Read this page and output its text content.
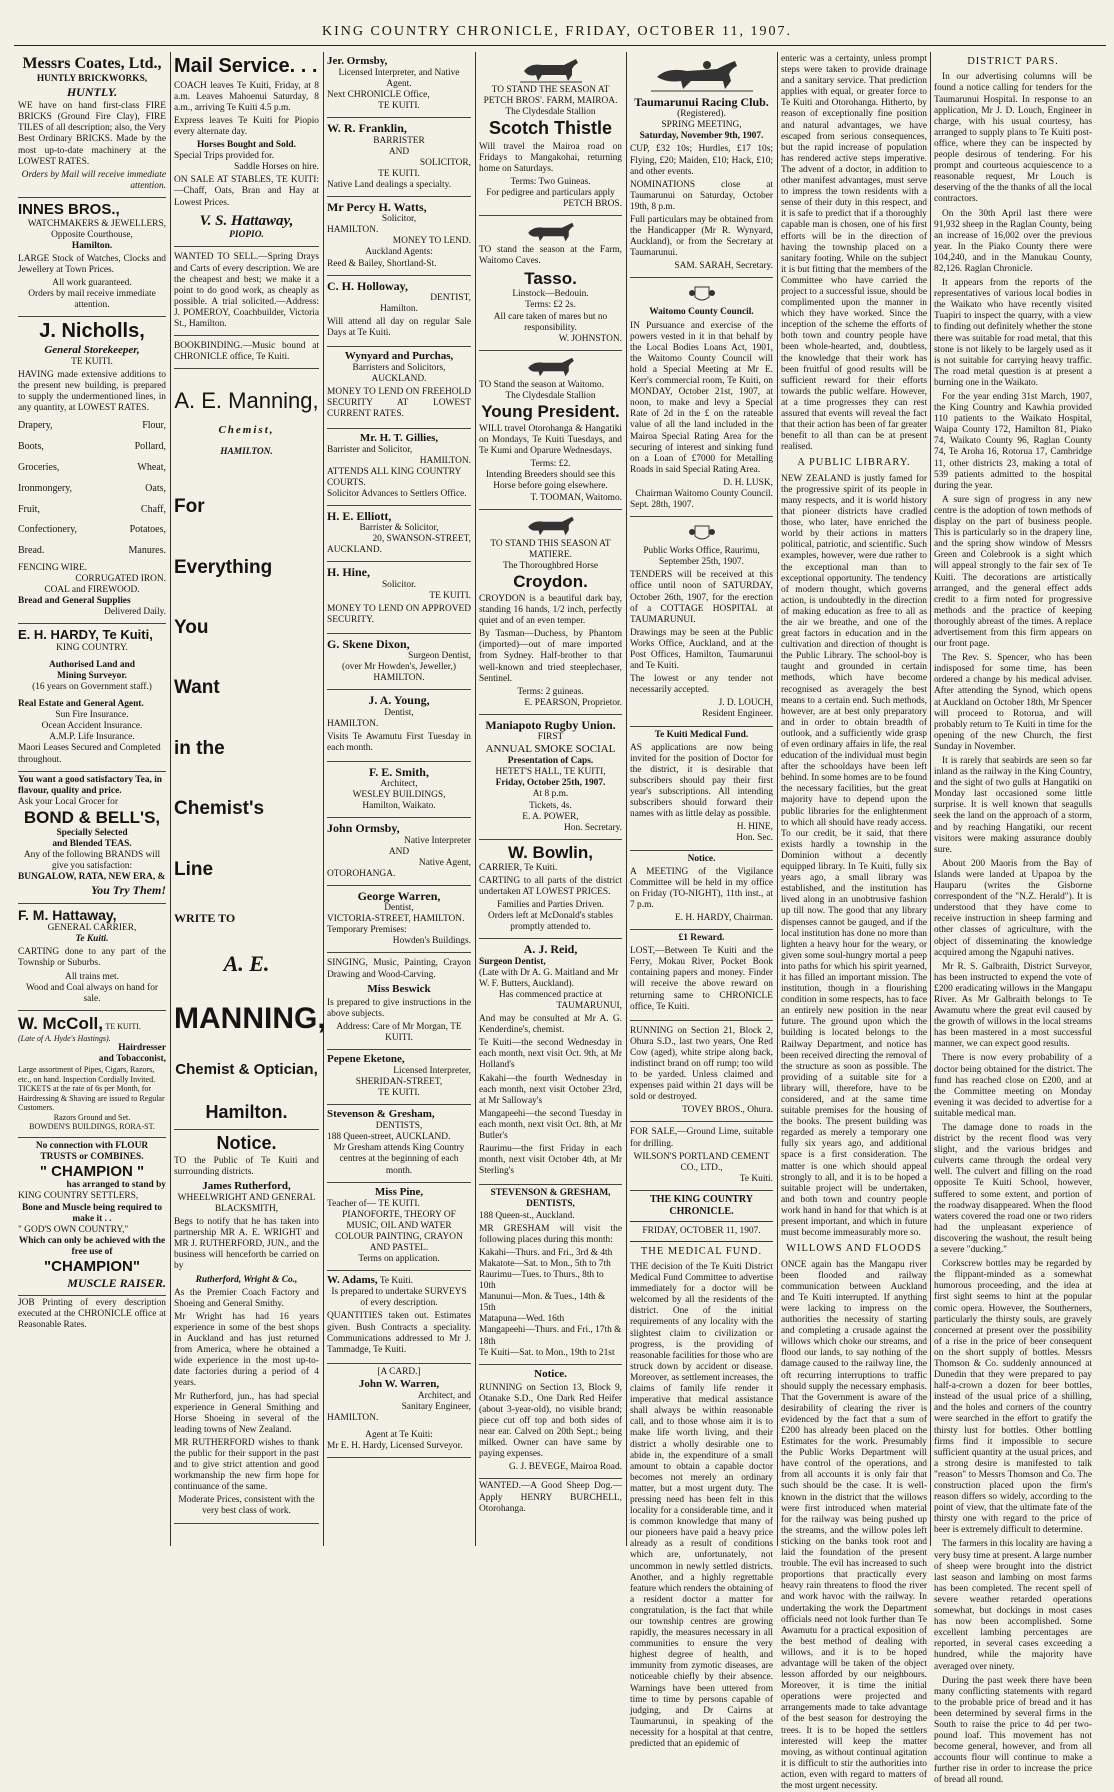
KING COUNTRY CHRONICLE, FRIDAY, OCTOBER 11, 1907.
Messrs Coates, Ltd.,
HUNTLY BRICKWORKS,
HUNTLY.
WE have on hand first-class FIRE BRICKS (Ground Fire Clay), FIRE TILES of all description; also, the Very Best Ordinary BRICKS. Made by the most up-to-date machinery at the LOWEST RATES.
Orders by Mail will receive immediate attention.
INNES BROS.,
WATCHMAKERS & JEWELLERS,
Opposite Courthouse,
Hamilton.
LARGE Stock of Watches, Clocks and Jewellery at Town Prices.
All work guaranteed.
Orders by mail receive immediate attention.
J. Nicholls,
General Storekeeper,
TE KUITI.
HAVING made extensive additions to the present new building, is prepared to supply the undermentioned lines, in any quantity, at LOWEST RATES.
Drapery,	Flour,
Boots,	Pollard,
Groceries,	Wheat,
Ironmongery,	Oats,
Fruit,	Chaff,
Confectionery,	Potatoes,
Bread.	Manures.
FENCING WIRE.
CORRUGATED IRON.
COAL and FIREWOOD.
Bread and General Supplies
Delivered Daily.
E. H. HARDY, Te Kuiti,
KING COUNTRY.
Authorised Land and
Mining Surveyor.
(16 years on Government staff.)
Real Estate and General Agent.
Sun Fire Insurance.
Ocean Accident Insurance.
A.M.P. Life Insurance.
Maori Leases Secured and Completed throughout.
You want a good satisfactory Tea, in flavour, quality and price.
Ask your Local Grocer for
BOND & BELL'S,
Specially Selected
and Blended TEAS.
Any of the following BRANDS will give you satisfaction:
BUNGALOW, RATA, NEW ERA, &
You Try Them!
F. M. Hattaway,
GENERAL CARRIER,
Te Kuiti.
CARTING done to any part of the Township or Suburbs.
All trains met.
Wood and Coal always on hand for sale.
W. McColl, TE KUITI.
(Late of A. Hyde's Hastings).
Hairdresser
and Tobacconist,
Large assortment of Pipes, Cigars, Razors, etc., on hand. Inspection Cordially Invited.
TICKETS at the rate of 6s per Month, for Hairdressing & Shaving are issued to Regular Customers.
Razors Ground and Set.
BOWDEN'S BUILDINGS, RORA-ST.
No connection with FLOUR TRUSTS or COMBINES.
" CHAMPION "
has arranged to stand by
KING COUNTRY SETTLERS,
Bone and Muscle being required to make it . .
" GOD'S OWN COUNTRY,"
Which can only be achieved with the free use of
"CHAMPION"
MUSCLE RAISER.
JOB Printing of every description executed at the CHRONICLE office at Reasonable Rates.
Mail Service. . .
COACH leaves Te Kuiti, Friday, at 8 a.m. Leaves Mahoenui Saturday, 8 a.m., arriving Te Kuiti 4.5 p.m.
Express leaves Te Kuiti for Piopio every alternate day.
Horses Bought and Sold.
Special Trips provided for.
Saddle Horses on hire.
ON SALE AT STABLES, TE KUITI:—Chaff, Oats, Bran and Hay at Lowest Prices.
V. S. Hattaway,
PIOPIO.
WANTED TO SELL.—Spring Drays and Carts of every description. We are the cheapest and best; we make it a point to do good work, as cheaply as possible. A trial solicited.—Address: J. POMEROY, Coachbuilder, Victoria St., Hamilton.
BOOKBINDING.—Music bound at CHRONICLE office, Te Kuiti.
A. E. Manning,
Chemist,
HAMILTON.
For
Everything
You
Want
in the
Chemist's
Line
WRITE TO
A. E.
MANNING,
Chemist & Optician,
Hamilton.
Notice.
TO the Public of Te Kuiti and surrounding districts.
James Rutherford,
WHEELWRIGHT AND GENERAL BLACKSMITH,
Begs to notify that he has taken into partnership MR A. E. WRIGHT and MR J. RUTHERFORD, JUN., and the business will henceforth be carried on by
Rutherford, Wright & Co.,
As the Premier Coach Factory and Shoeing and General Smithy.
Mr Wright has had 16 years experience in some of the best shops in Auckland and has just returned from America, where he obtained a wide experience in the most up-to-date factories during a period of 4 years.
Mr Rutherford, jun., has had special experience in General Smithing and Horse Shoeing in several of the leading towns of New Zealand.
MR RUTHERFORD wishes to thank the public for their support in the past and to give strict attention and good workmanship the new firm hope for continuance of the same.
Moderate Prices, consistent with the very best class of work.
Jer. Ormsby,
Licensed Interpreter, and Native Agent.
Next CHRONICLE Office,
TE KUITI.
W. R. Franklin,
BARRISTER
AND
SOLICITOR,
TE KUITI.
Native Land dealings a specialty.
Mr Percy H. Watts,
Solicitor,
HAMILTON.
MONEY TO LEND.
Auckland Agents:
Reed & Bailey, Shortland-St.
C. H. Holloway,
DENTIST,
Hamilton.
Will attend all day on regular Sale Days at Te Kuiti.
Wynyard and Purchas,
Barristers and Solicitors,
AUCKLAND.
MONEY TO LEND ON FREEHOLD SECURITY AT LOWEST CURRENT RATES.
Mr. H. T. Gillies,
Barrister and Solicitor,
HAMILTON.
ATTENDS ALL KING COUNTRY COURTS.
Solicitor Advances to Settlers Office.
H. E. Elliott,
Barrister & Solicitor,
20, SWANSON-STREET,
AUCKLAND.
H. Hine,
Solicitor.
TE KUITI.
MONEY TO LEND ON APPROVED SECURITY.
G. Skene Dixon,
Surgeon Dentist,
(over Mr Howden's, Jeweller,)
HAMILTON.
J. A. Young,
Dentist,
HAMILTON.
Visits Te Awamutu First Tuesday in each month.
F. E. Smith,
Architect,
WESLEY BUILDINGS,
Hamilton, Waikato.
John Ormsby,
Native Interpreter
AND
Native Agent,
OTOROHANGA.
George Warren,
Dentist,
VICTORIA-STREET, HAMILTON.
Temporary Premises:
Howden's Buildings.
SINGING, Music, Painting, Crayon Drawing and Wood-Carving.
Miss Beswick
Is prepared to give instructions in the above subjects.
Address: Care of Mr Morgan, TE KUITI.
Pepene Eketone,
Licensed Interpreter,
SHERIDAN-STREET,
TE KUITI.
Stevenson & Gresham,
DENTISTS,
188 Queen-street, AUCKLAND.
Mr Gresham attends King Country centres at the beginning of each month.
Miss Pine,
Teacher of— TE KUITI.
PIANOFORTE, THEORY OF MUSIC, OIL AND WATER COLOUR PAINTING, CRAYON AND PASTEL.
Terms on application.
W. Adams, Te Kuiti.
Is prepared to undertake SURVEYS of every description.
QUANTITIES taken out. Estimates given. Bush Contracts a speciality. Communications addressed to Mr J. Tammadge, Te Kuiti.
[A CARD.]
John W. Warren,
Architect, and
Sanitary Engineer,
HAMILTON.
Agent at Te Kuiti:
Mr E. H. Hardy, Licensed Surveyor.
TO STAND THE SEASON AT PETCH BROS'. FARM, MAIROA.
The Clydesdale Stallion
Scotch Thistle
Will travel the Mairoa road on Fridays to Mangakohai, returning home on Saturdays.
Terms: Two Guineas.
For pedigree and particulars apply
PETCH BROS.
TO stand the season at the Farm, Waitomo Caves.
Tasso.
Linstock—Bedouin.
Terms: £2 2s.
All care taken of mares but no responsibility.
W. JOHNSTON.
TO Stand the season at Waitomo.
The Clydesdale Stallion
Young President.
WILL travel Otorohanga & Hangatiki on Mondays, Te Kuiti Tuesdays, and Te Kumi and Oparure Wednesdays.
Terms: £2.
Intending Breeders should see this Horse before going elsewhere.
T. TOOMAN, Waitomo.
TO STAND THIS SEASON AT MATIERE.
The Thoroughbred Horse
Croydon.
CROYDON is a beautiful dark bay, standing 16 hands, 1/2 inch, perfectly quiet and of an even temper.
By Tasman—Duchess, by Phantom (imported)—out of mare imported from Sydney. Half-brother to that well-known and tried steeplechaser, Sentinel.
Terms: 2 guineas.
E. PEARSON, Proprietor.
Maniapoto Rugby Union.
FIRST
ANNUAL SMOKE SOCIAL
Presentation of Caps.
HETET'S HALL, TE KUITI,
Friday, October 25th, 1907.
At 8 p.m.
Tickets, 4s.
E. A. POWER,
Hon. Secretary.
W. Bowlin,
CARRIER, Te Kuiti.
CARTING to all parts of the district undertaken AT LOWEST PRICES.
Families and Parties Driven.
Orders left at McDonald's stables promptly attended to.
A. J. Reid,
Surgeon Dentist,
(Late with Dr A. G. Maitland and Mr W. F. Butters, Auckland).
Has commenced practice at
TAUMARUNUI,
And may be consulted at Mr A. G. Kenderdine's, chemist.
Te Kuiti—the second Wednesday in each month, next visit Oct. 9th, at Mr Holland's
Kakahi—the fourth Wednesday in each month, next visit October 23rd, at Mr Salloway's
Mangapeehi—the second Tuesday in each month, next visit Oct. 8th, at Mr Butler's
Raurimu—the first Friday in each month, next visit October 4th, at Mr Sterling's
STEVENSON & GRESHAM, DENTISTS,
188 Queen-st., Auckland.
MR GRESHAM will visit the following places during this month:
Kakahi—Thurs. and Fri., 3rd & 4th
Makatote—Sat. to Mon., 5th to 7th
Raurimu—Tues. to Thurs., 8th to 10th
Manunui—Mon. & Tues., 14th & 15th
Matapuna—Wed. 16th
Mangapeehi—Thurs. and Fri., 17th & 18th
Te Kuiti—Sat. to Mon., 19th to 21st
Notice.
RUNNING on Section 13, Block 9, Otanake S.D., One Dark Red Heifer (about 3-year-old), no visible brand; piece cut off top and both sides of near ear. Calved on 20th Sept.; being milked. Owner can have same by paying expenses.
G. J. BEVEGE, Mairoa Road.
WANTED.—A Good Sheep Dog.—Apply HENRY BURCHELL, Otorohanga.
Taumarunui Racing Club.
(Registered).
SPRING MEETING,
Saturday, November 9th, 1907.
CUP, £32 10s; Hurdles, £17 10s; Flying, £20; Maiden, £10; Hack, £10; and other events.
NOMINATIONS close at Taumarunui on Saturday, October 19th, 8 p.m.
Full particulars may be obtained from the Handicapper (Mr R. Wynyard, Auckland), or from the Secretary at Taumarunui.
SAM. SARAH, Secretary.
Waitomo County Council.
IN Pursuance and exercise of the powers vested in it in that behalf by the Local Bodies Loans Act, 1901, the Waitomo County Council will hold a Special Meeting at Mr E. Kerr's commercial room, Te Kuiti, on MONDAY, October 21st, 1907, at noon, to make and levy a Special Rate of 2d in the £ on the rateable value of all the land included in the Mairoa Special Rating Area for the securing of interest and sinking fund on a Loan of £7000 for Metalling Roads in said Special Rating Area.
D. H. LUSK,
Chairman Waitomo County Council.
Sept. 28th, 1907.
Public Works Office, Raurimu, September 25th, 1907.
TENDERS will be received at this office until noon of SATURDAY, October 26th, 1907, for the erection of a COTTAGE HOSPITAL at TAUMARUNUI.
Drawings may be seen at the Public Works Office, Auckland, and at the Post Offices, Hamilton, Taumarunui and Te Kuiti.
The lowest or any tender not necessarily accepted.
J. D. LOUCH,
Resident Engineer.
Te Kuiti Medical Fund.
AS applications are now being invited for the position of Doctor for the district, it is desirable that subscribers should pay their first year's subscriptions. All intending subscribers should forward their names with as little delay as possible.
H. HINE,
Hon. Sec.
Notice.
A MEETING of the Vigilance Committee will be held in my office on Friday (TO-NIGHT), 11th inst., at 7 p.m.
E. H. HARDY, Chairman.
£1 Reward.
LOST,—Between Te Kuiti and the Ferry, Mokau River, Pocket Book containing papers and money. Finder will receive the above reward on returning same to CHRONICLE office, Te Kuiti.
RUNNING on Section 21, Block 2, Ohura S.D., last two years, One Red Cow (aged), white stripe along back, indistinct brand on off rump; too wild to be yarded. Unless claimed and expenses paid within 21 days will be sold or destroyed.
TOVEY BROS., Ohura.
FOR SALE,—Ground Lime, suitable for drilling.
WILSON'S PORTLAND CEMENT CO., LTD.,
Te Kuiti.
THE KING COUNTRY CHRONICLE.
FRIDAY, OCTOBER 11, 1907.
THE MEDICAL FUND.
THE decision of the Te Kuiti District Medical Fund Committee to advertise immediately for a doctor will be welcomed by all the residents of the district. One of the initial requirements of any locality with the slightest claim to civilization or progress, is the providing of reasonable facilities for those who are struck down by accident or disease. Moreover, as settlement increases, the claims of family life render it imperative that medical assistance shall always be within reasonable call, and to those whose aim it is to make life worth living, and their district a wholly desirable one to abide in, the expenditure of a small amount to obtain a capable doctor becomes not merely an ordinary matter, but a most urgent duty. The pressing need has been felt in this locality for a considerable time, and it is common knowledge that many of our pioneers have paid a heavy price already as a result of conditions which are, unfortunately, not uncommon in newly settled districts. Another, and a highly regrettable feature which renders the obtaining of a resident doctor a matter for congratulation, is the fact that while our township centres are growing rapidly, the measures necessary in all communities to ensure the very highest degree of health, and immunity from zymotic diseases, are noticeable chiefly by their absence. Warnings have been uttered from time to time by persons capable of judging, and Dr Cairns at Taumarunui, in speaking of the necessity for a hospital at that centre, predicted that an epidemic of
enteric was a certainty, unless prompt steps were taken to provide drainage and a sanitary service. That prediction applies with equal, or greater force to Te Kuiti and Otorohanga. Hitherto, by reason of exceptionally fine position and natural advantages, we have escaped from serious consequences, but the rapid increase of population has rendered active steps imperative. The advent of a doctor, in addition to other manifest advantages, must serve to impress the town residents with a sense of their duty in this respect, and it is safe to predict that if a thoroughly capable man is chosen, one of his first efforts will be in the direction of having the township placed on a sanitary footing. While on the subject it is but fitting that the members of the Committee who have carried the project to a successful issue, should be complimented upon the manner in which they have worked. Since the inception of the scheme the efforts of both town and country people have been whole-hearted, and, doubtless, the knowledge that their work has been fruitful of good results will be sufficient reward for their efforts towards the public welfare. However, at a time progresses they can rest assured that events will reveal the fact that their action has been of far greater benefit to all than can be at present realised.
A PUBLIC LIBRARY.
NEW ZEALAND is justly famed for the progressive spirit of its people in many respects, and it is world history that pioneer districts have cradled those, who later, have enriched the world by their actions in matters political, patriotic, and scientific. Such examples, however, were due rather to the exceptional man than to exceptional opportunity. The tendency of modern thought, which governs action, is undoubtedly in the direction of making education as free to all as the air we breathe, and one of the great factors in education and in the cultivation and direction of thought is the Public Library. The school-boy is taught and grounded in certain methods, which have become recognised as averagely the best means to a certain end. Such methods, however, are at best only preparatory and in order to obtain breadth of outlook, and a sufficiently wide grasp of even ordinary affairs in life, the real education of the individual must begin after the schooldays have been left behind. In some homes are to be found the necessary facilities, but the great majority have to depend upon the public libraries for the enlightenment to which all should have ready access. To our credit, be it said, that there exists hardly a township in the Dominion without a decently equipped library. In Te Kuiti, fully six years ago, a small library was established, and the institution has lived along in an unobtrusive fashion up till now. The good that any library dispenses cannot be gauged, and if the local institution has done no more than lighten a heavy hour for the weary, or given some soul-hungry mortal a peep into paths for which his spirit yearned, it has filled an important mission. The institution, though in a flourishing condition in some respects, has to face an entirely new position in the near future. The ground upon which the building is located belongs to the Railway Department, and notice has been received directing the removal of the structure as soon as possible. The providing of a suitable site for a library will, therefore, have to be considered, and at the same time suitable premises for the housing of the books. The present building was regarded as merely a temporary one fully six years ago, and additional space is a first consideration. The matter is one which should appeal strongly to all, and it is to be hoped a suitable project will be undertaken, and both town and country people work hand in hand for that which is at present important, and which in future must become immeasurably more so.
WILLOWS AND FLOODS
ONCE again has the Mangapu river been flooded and railway communication between Auckland and Te Kuiti interrupted. If anything were lacking to impress on the authorities the necessity of starting and completing a crusade against the willows which choke our streams, and flood our lands, to say nothing of the damage caused to the railway line, the oft recurring interruptions to traffic should supply the necessary emphasis. That the Government is aware of the desirability of clearing the river is evidenced by the fact that a sum of £200 has already been placed on the Estimates for the work. Presumably the Public Works Department will have control of the operations, and from all accounts it is only fair that such should be the case. It is well-known in the district that the willows were first introduced when material for the railway was being pushed up the streams, and the willow poles left sticking on the banks took root and laid the foundation of the present trouble. The evil has increased to such proportions that practically every heavy rain threatens to flood the river and work havoc with the railway. In undertaking the work the Department officials need not look further than Te Awamutu for a practical exposition of the best method of dealing with willows, and it is to be hoped advantage will be taken of the object lesson afforded by our neighbours. Moreover, it is time the initial operations were projected and arrangements made to take advantage of the best season for destroying the trees. It is to be hoped the settlers interested will keep the matter moving, as without continual agitation it is difficult to stir the authorities into action, even with regard to matters of the most urgent necessity.
DISTRICT PARS.
In our advertising columns will be found a notice calling for tenders for the Taumarunui Hospital. In response to an application, Mr J. D. Louch, Engineer in charge, with his usual courtesy, has arranged to supply plans to Te Kuiti post-office, where they can be inspected by people desirous of tendering. For his prompt and courteous acquiescence to a reasonable request, Mr Louch is deserving of the the thanks of all the local contractors.
On the 30th April last there were 91,932 sheep in the Raglan County, being an increase of 16,002 over the previous year. In the Piako County there were 104,240, and in the Manukau County, 82,126. Raglan Chronicle.
It appears from the reports of the representatives of various local bodies in the Waikato who have recently visited Tuapiri to inspect the quarry, with a view to finding out definitely whether the stone there was suitable for road metal, that this stone is not likely to be largely used as it is not suitable for carrying heavy traffic. The road metal question is at present a burning one in the Waikato.
For the year ending 31st March, 1907, the King Country and Kawhia provided 110 patients to the Waikato Hospital, Waipa County 172, Hamilton 81, Piako 74, Waikato County 96, Raglan County 74, Te Aroha 16, Rotorua 17, Cambridge 11, other districts 23, making a total of 539 patients admitted to the hospital during the year.
A sure sign of progress in any new centre is the adoption of town methods of display on the part of business people. This is particularly so in the drapery line, and the spring show window of Messrs Green and Colebrook is a sight which will appeal strongly to the fair sex of Te Kuiti. The decorations are artistically arranged, and the general effect adds credit to a firm noted for progressive methods and the practice of keeping thoroughly abreast of the times. A replace advertisement from this firm appears on our front page.
The Rev. S. Spencer, who has been indisposed for some time, has been ordered a change by his medical adviser. After attending the Synod, which opens at Auckland on October 18th, Mr Spencer will proceed to Rotorua, and will probably return to Te Kuiti in time for the opening of the new Church, the first Sunday in November.
It is rarely that seabirds are seen so far inland as the railway in the King Country, and the sight of two gulls at Hangatiki on Monday last occasioned some little surprise. It is well known that seagulls seek the land on the approach of a storm, and by reaching Hangatiki, our recent visitors were making assurance doubly sure.
About 200 Maoris from the Bay of Islands were landed at Upapoa by the Hauparu (writes the Gisborne correspondent of the "N.Z. Herald"). It is understood that they have come to receive instruction in sheep farming and other classes of agriculture, with the object of disseminating the knowledge acquired among the Ngapuhi natives.
Mr R. S. Galbraith, District Surveyor, has been instructed to expend the vote of £200 eradicating willows in the Mangapu River. As Mr Galbraith belongs to Te Awamutu where the great evil caused by the growth of willows in the local streams has been mastered in a most successful manner, we can expect good results.
There is now every probability of a doctor being obtained for the district. The fund has reached close on £200, and at the Committee meeting on Monday evening it was decided to advertise for a suitable medical man.
The damage done to roads in the district by the recent flood was very slight, and the various bridges and culverts came through the ordeal very well. The culvert and filling on the road opposite Te Kuiti School, however, suffered to some extent, and portion of the roadway disappeared. When the flood waters covered the road one or two riders had the unpleasant experience of discovering the washout, the result being a severe "ducking."
Corkscrew bottles may be regarded by the flippant-minded as a somewhat humorous proceeding, and the idea at first sight seems to hint at the popular comic opera. However, the Southerners, particularly the thirsty souls, are gravely concerned at present over the possibility of a rise in the price of beer consequent on the short supply of bottles. Messrs Thomson & Co. suddenly announced at Dunedin that they were prepared to pay half-a-crown a dozen for beer bottles, instead of the usual price of a shilling, and the holes and corners of the country were searched in the effort to gratify the thirsty lust for bottles. Other bottling firms find it impossible to secure sufficient quantity at the usual prices, and a strong desire is manifested to talk "reason" to Messrs Thomson and Co. The construction placed upon the firm's reason differs so widely, according to the point of view, that the ultimate fate of the thirsty one with regard to the price of beer is extremely difficult to determine.
The farmers in this locality are having a very busy time at present. A large number of sheep were brought into the district last season and lambing on most farms has been completed. The recent spell of severe weather retarded operations somewhat, but dockings in most cases has now been accomplished. Some excellent lambing percentages are reported, in several cases exceeding a hundred, while the majority have averaged over ninety.
During the past week there have been many conflicting statements with regard to the probable price of bread and it has been determined by several firms in the South to raise the price to 4d per two-pound loaf. This movement has not become general, however, and from all accounts flour will continue to make a further rise in order to increase the price of bread all round.
